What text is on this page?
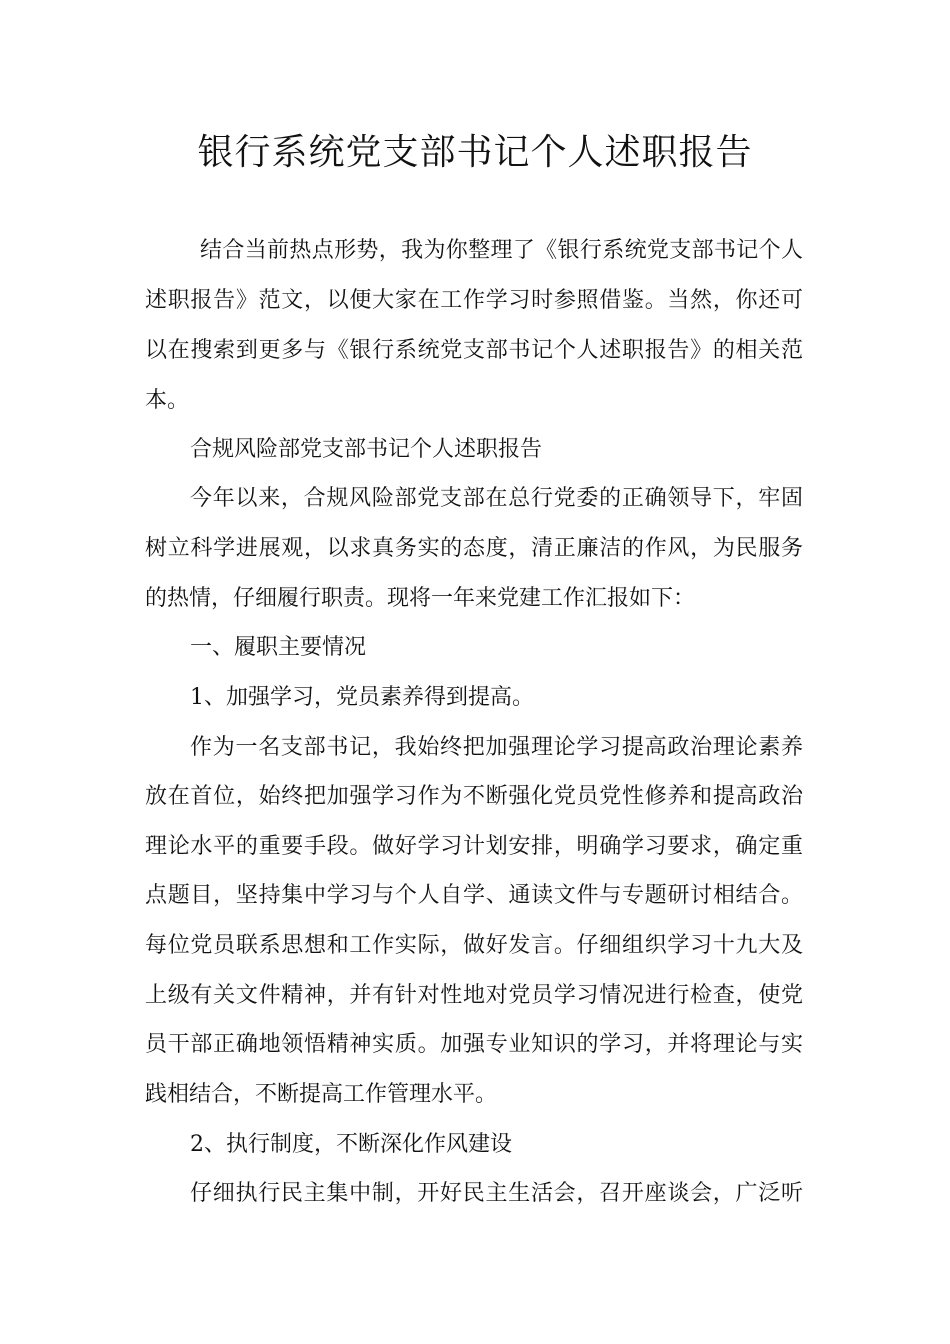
银行系统党支部书记个人述职报告
结合当前热点形势，我为你整理了《银行系统党支部书记个人
述职报告》范文，以便大家在工作学习时参照借鉴。当然，你还可
以在搜索到更多与《银行系统党支部书记个人述职报告》的相关范
本。
合规风险部党支部书记个人述职报告
今年以来，合规风险部党支部在总行党委的正确领导下，牢固
树立科学进展观，以求真务实的态度，清正廉洁的作风，为民服务
的热情，仔细履行职责。现将一年来党建工作汇报如下：
一、履职主要情况
1、加强学习，党员素养得到提高。
作为一名支部书记，我始终把加强理论学习提高政治理论素养
放在首位，始终把加强学习作为不断强化党员党性修养和提高政治
理论水平的重要手段。做好学习计划安排，明确学习要求，确定重
点题目，坚持集中学习与个人自学、通读文件与专题研讨相结合。
每位党员联系思想和工作实际，做好发言。仔细组织学习十九大及
上级有关文件精神，并有针对性地对党员学习情况进行检查，使党
员干部正确地领悟精神实质。加强专业知识的学习，并将理论与实
践相结合，不断提高工作管理水平。
2、执行制度，不断深化作风建设
仔细执行民主集中制，开好民主生活会，召开座谈会，广泛听
